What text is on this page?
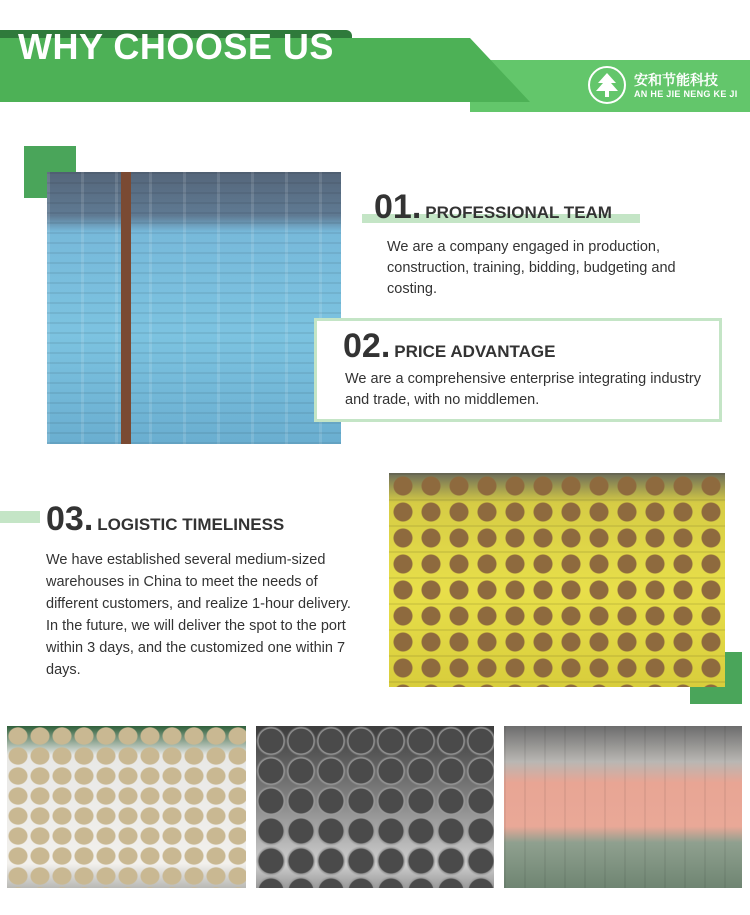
WHY CHOOSE US
安和节能科技
AN HE JIE NENG KE JI
01. PROFESSIONAL TEAM

We are a company engaged in production, construction, training, bidding, budgeting and costing.

02. PRICE ADVANTAGE

We are a comprehensive enterprise integrating industry and trade, with no middlemen.

03. LOGISTIC TIMELINESS

We have established several medium-sized warehouses in China to meet the needs of different customers, and realize 1-hour delivery. In the future, we will deliver the spot to the port within 3 days, and the customized one within 7 days.
